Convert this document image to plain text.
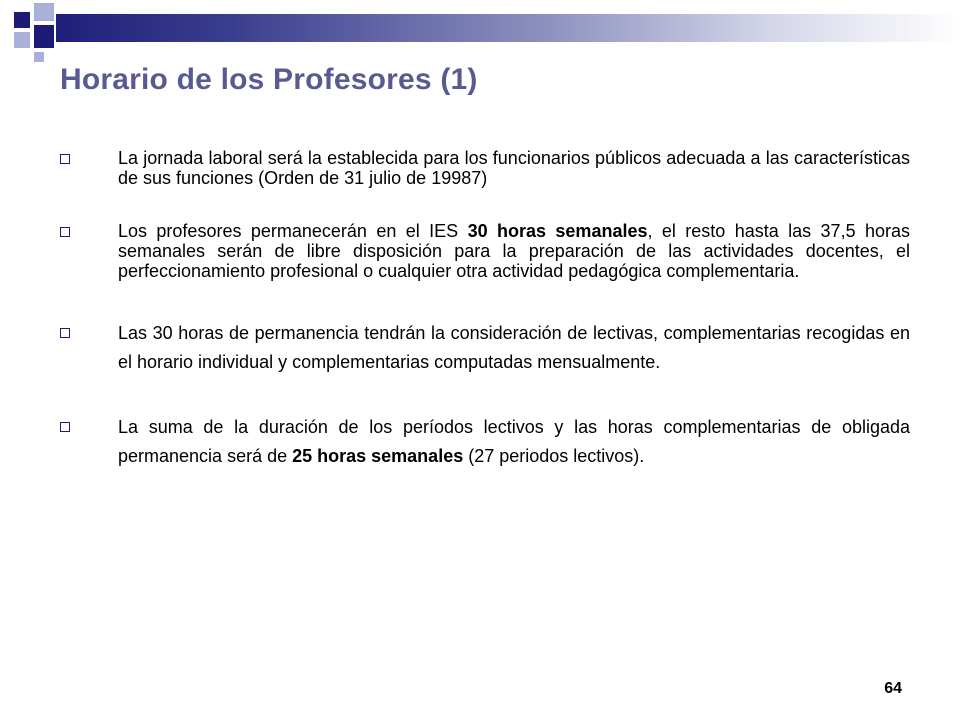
Horario de los Profesores (1)
La jornada laboral será la establecida para los funcionarios públicos adecuada a las características de sus funciones (Orden de 31 julio de 19987)
Los profesores permanecerán en el IES 30 horas semanales, el resto hasta las 37,5 horas semanales serán de libre disposición para la preparación de las actividades docentes, el perfeccionamiento profesional o cualquier otra actividad pedagógica complementaria.
Las 30 horas de permanencia tendrán la consideración de lectivas, complementarias recogidas en el horario individual y complementarias computadas mensualmente.
La suma de la duración de los períodos lectivos y las horas complementarias de obligada permanencia será de 25 horas semanales (27 periodos lectivos).
64
